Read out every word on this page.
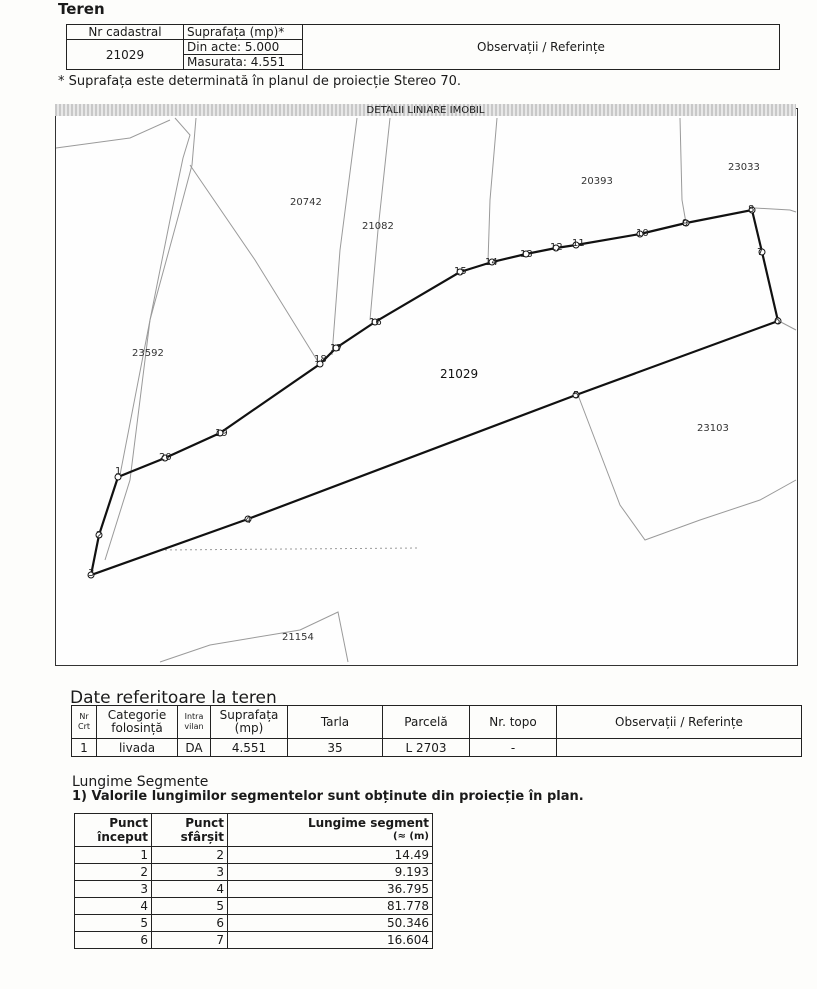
Teren
Nr cadastral	Suprafața (mp)*	Observații / Referințe
21029	Din acte: 5.000	
	Masurata: 4.551	
* Suprafața este determinată în planul de proiecție Stereo 70.
DETALII LINIARE IMOBIL
1
2
3
4
5
6
7
8
9
10
11
12
13
14
15
16
17
18
19
20
20742
21082
20393
23033
23592
21029
23103
21154
Date referitoare la teren
Nr Crt	Categorie folosință	Intra vilan	Suprafața (mp)	Tarla	Parcelă	Nr. topo	Observații / Referințe
1	livada	DA	4.551	35	L 2703	-	
Lungime Segmente
1) Valorile lungimilor segmentelor sunt obținute din proiecție în plan.
Punct început	Punct sfârșit	Lungime segment
(≈ (m)

1	2	14.49
2	3	9.193
3	4	36.795
4	5	81.778
5	6	50.346
6	7	16.604
